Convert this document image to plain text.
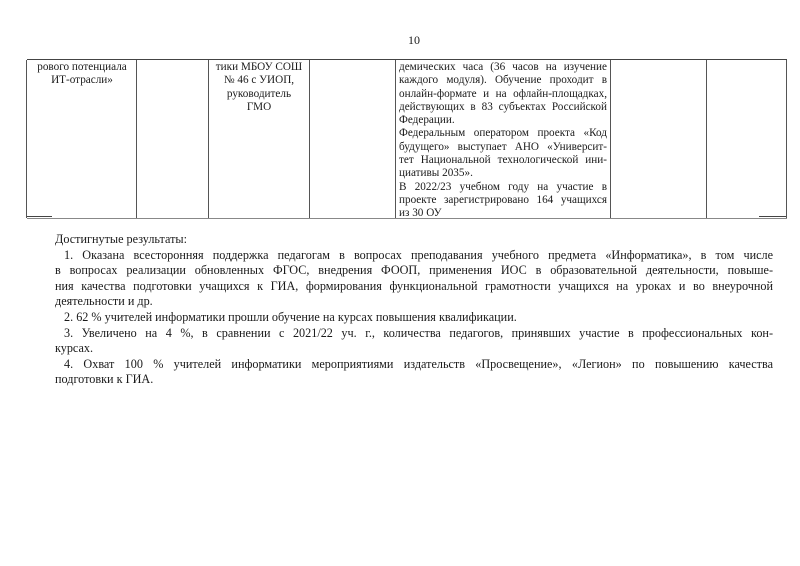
10
рового потенциала
ИТ-отрасли»
тики МБОУ СОШ
№ 46 с УИОП,
руководитель
ГМО
демических часа (36 часов на изучение
каждого модуля). Обучение проходит в
онлайн-формате и на офлайн-площадках,
действующих в 83 субъектах Российской
Федерации.
Федеральным оператором проекта «Код
будущего» выступает АНО «Университ-
тет Национальной технологической ини-
циативы 2035».
В 2022/23 учебном году на участие в
проекте зарегистрировано 164 учащихся
из 30 ОУ
Достигнутые результаты:
1. Оказана всесторонняя поддержка педагогам в вопросах преподавания учебного предмета «Информатика», в том числе
в вопросах реализации обновленных ФГОС, внедрения ФООП, применения ИОС в образовательной деятельности, повыше-
ния качества подготовки учащихся к ГИА, формирования функциональной грамотности учащихся на уроках и во внеурочной
деятельности и др.
2. 62 % учителей информатики прошли обучение на курсах повышения квалификации.
3. Увеличено на 4 %, в сравнении с 2021/22 уч. г., количества педагогов, принявших участие в профессиональных кон-
курсах.
4. Охват 100 % учителей информатики мероприятиями издательств «Просвещение», «Легион» по повышению качества
подготовки к ГИА.
